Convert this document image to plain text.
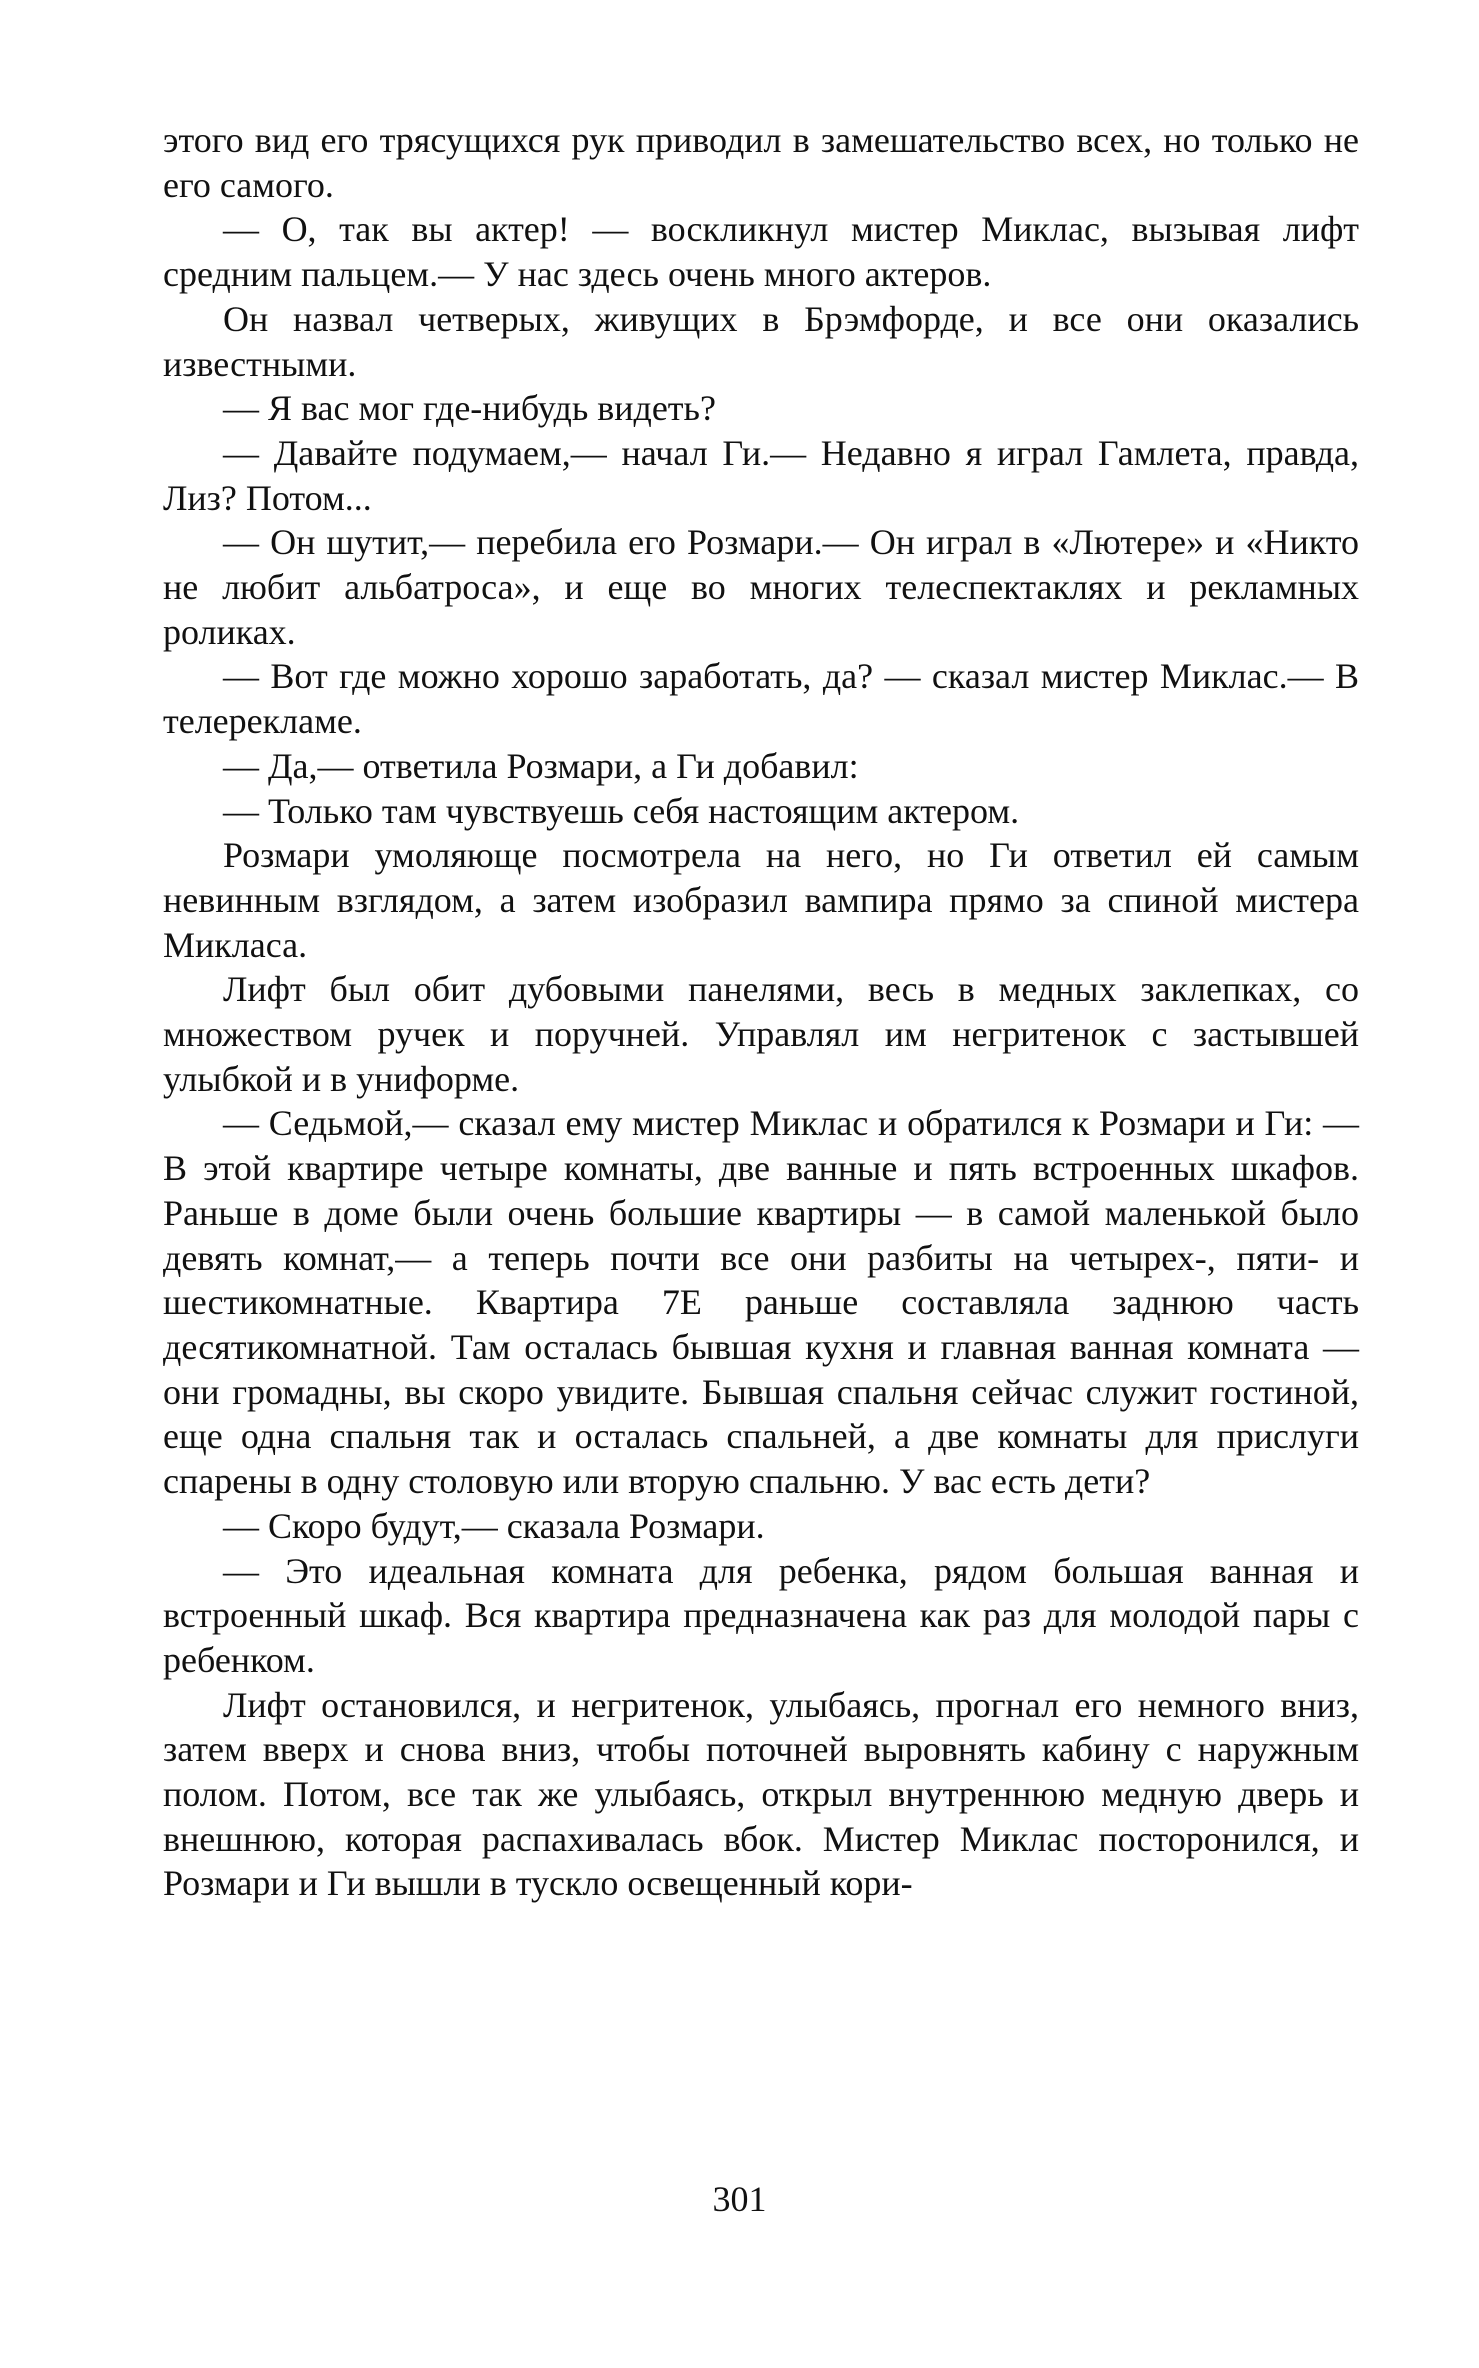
этого вид его трясущихся рук приводил в замешательство всех, но только не его самого.

— О, так вы актер! — воскликнул мистер Миклас, вызывая лифт средним пальцем.— У нас здесь очень много актеров.

Он назвал четверых, живущих в Брэмфорде, и все они оказались известными.

— Я вас мог где-нибудь видеть?

— Давайте подумаем,— начал Ги.— Недавно я играл Гамлета, правда, Лиз? Потом...

— Он шутит,— перебила его Розмари.— Он играл в «Лютере» и «Никто не любит альбатроса», и еще во многих телеспектаклях и рекламных роликах.

— Вот где можно хорошо заработать, да? — сказал мистер Миклас.— В телерекламе.

— Да,— ответила Розмари, а Ги добавил:

— Только там чувствуешь себя настоящим актером.

Розмари умоляюще посмотрела на него, но Ги ответил ей самым невинным взглядом, а затем изобразил вампира прямо за спиной мистера Микласа.

Лифт был обит дубовыми панелями, весь в медных заклепках, со множеством ручек и поручней. Управлял им негритенок с застывшей улыбкой и в униформе.

— Седьмой,— сказал ему мистер Миклас и обратился к Розмари и Ги: — В этой квартире четыре комнаты, две ванные и пять встроенных шкафов. Раньше в доме были очень большие квартиры — в самой маленькой было девять комнат,— а теперь почти все они разбиты на четырех-, пяти- и шестикомнатные. Квартира 7Е раньше составляла заднюю часть десятикомнатной. Там осталась бывшая кухня и главная ванная комната — они громадны, вы скоро увидите. Бывшая спальня сейчас служит гостиной, еще одна спальня так и осталась спальней, а две комнаты для прислуги спарены в одну столовую или вторую спальню. У вас есть дети?

— Скоро будут,— сказала Розмари.

— Это идеальная комната для ребенка, рядом большая ванная и встроенный шкаф. Вся квартира предназначена как раз для молодой пары с ребенком.

Лифт остановился, и негритенок, улыбаясь, прогнал его немного вниз, затем вверх и снова вниз, чтобы поточней выровнять кабину с наружным полом. Потом, все так же улыбаясь, открыл внутреннюю медную дверь и внешнюю, которая распахивалась вбок. Мистер Миклас посторонился, и Розмари и Ги вышли в тускло освещенный кори-

301
